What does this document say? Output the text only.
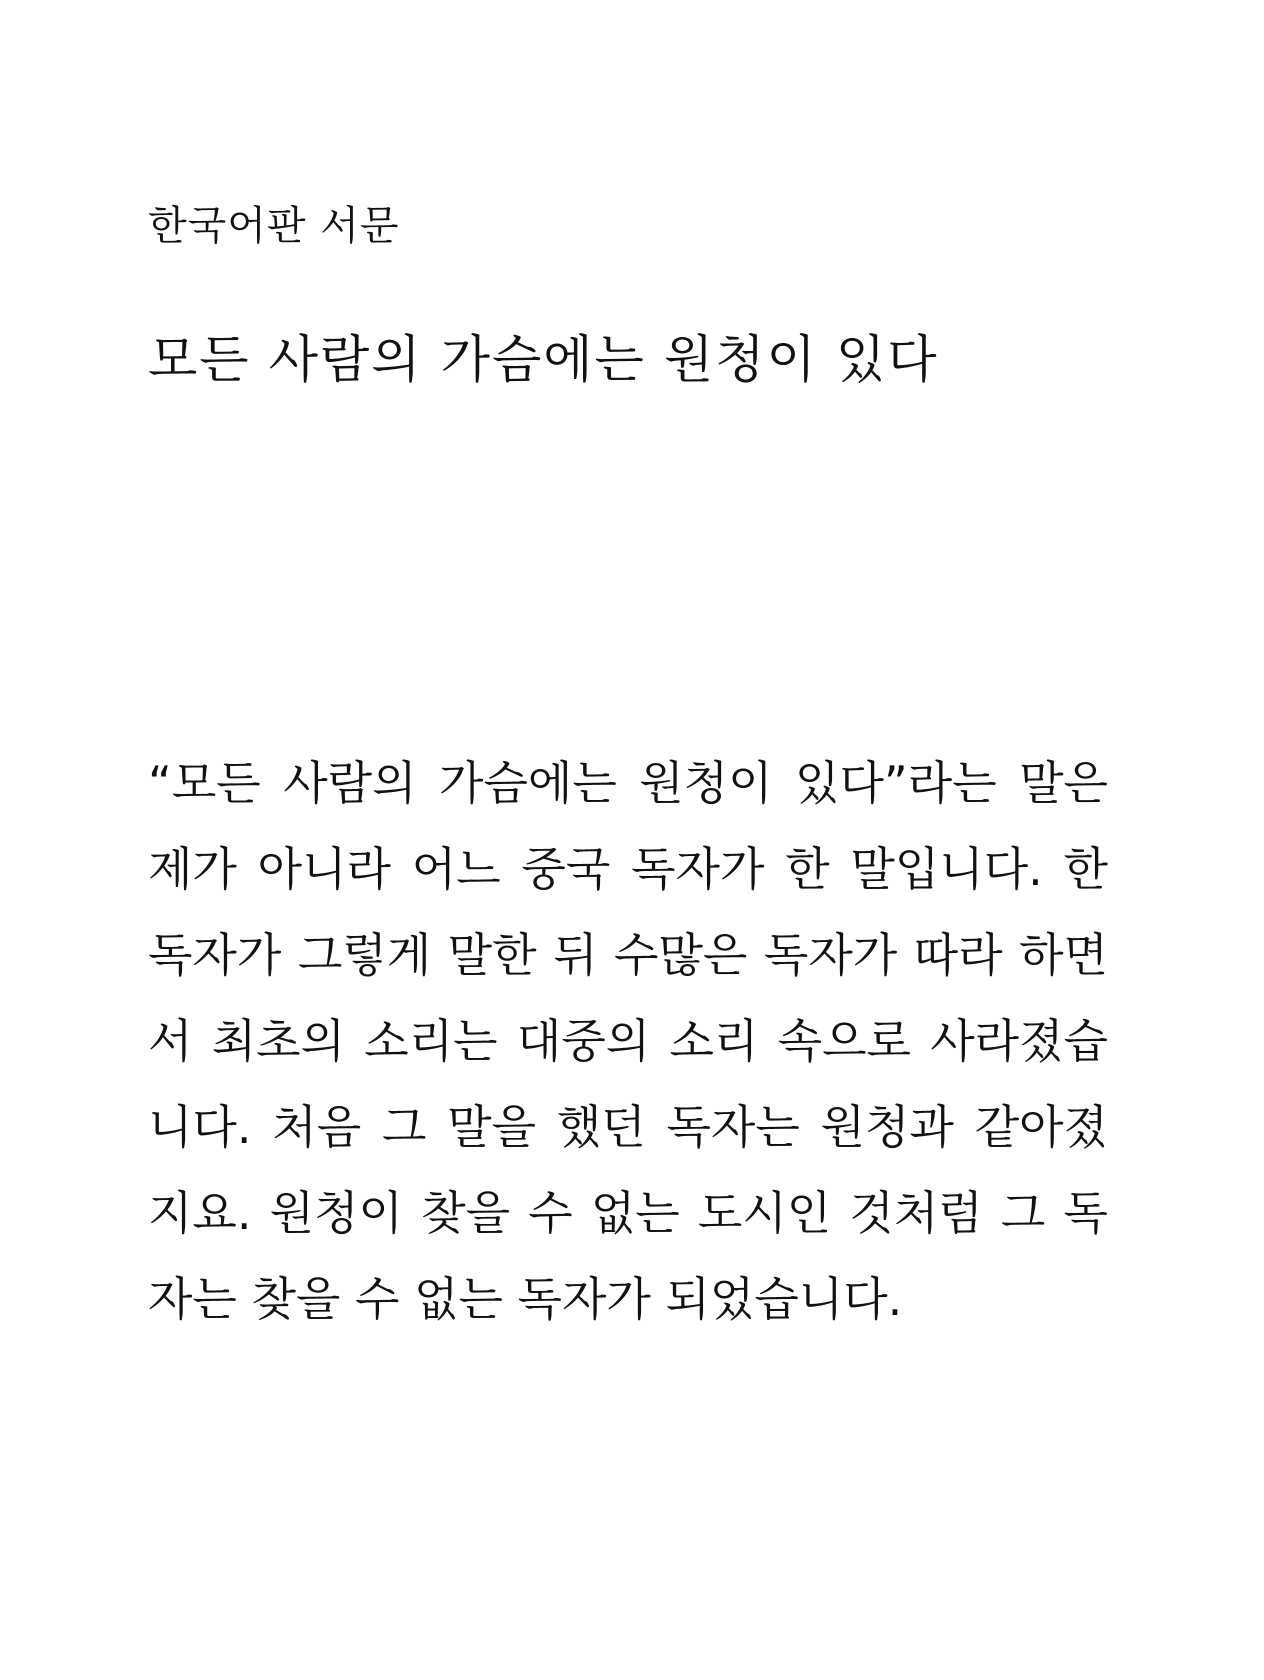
한국어판 서문
모든 사람의 가슴에는 원청이 있다
“모든 사람의 가슴에는 원청이 있다”라는 말은
제가 아니라 어느 중국 독자가 한 말입니다. 한
독자가 그렇게 말한 뒤 수많은 독자가 따라 하면
서 최초의 소리는 대중의 소리 속으로 사라졌습
니다. 처음 그 말을 했던 독자는 원청과 같아졌
지요. 원청이 찾을 수 없는 도시인 것처럼 그 독
자는 찾을 수 없는 독자가 되었습니다.
